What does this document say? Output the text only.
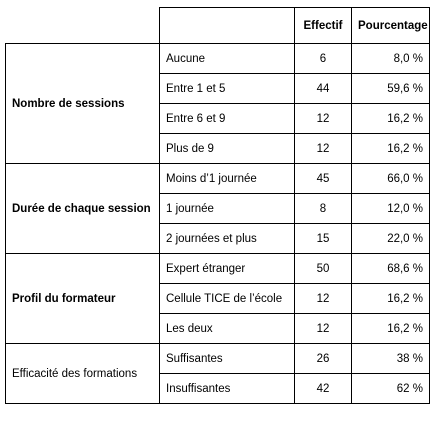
		Effectif	Pourcentage
Nombre de sessions	Aucune	6	8,0 %
	Entre 1 et 5	44	59,6 %
	Entre 6 et 9	12	16,2 %
	Plus de 9	12	16,2 %
Durée de chaque session	Moins d’1 journée	45	66,0 %
	1 journée	8	12,0 %
	2 journées et plus	15	22,0 %
Profil du formateur	Expert étranger	50	68,6 %
	Cellule TICE de l’école	12	16,2 %
	Les deux	12	16,2 %
Efficacité des formations	Suffisantes	26	38 %
	Insuffisantes	42	62 %
